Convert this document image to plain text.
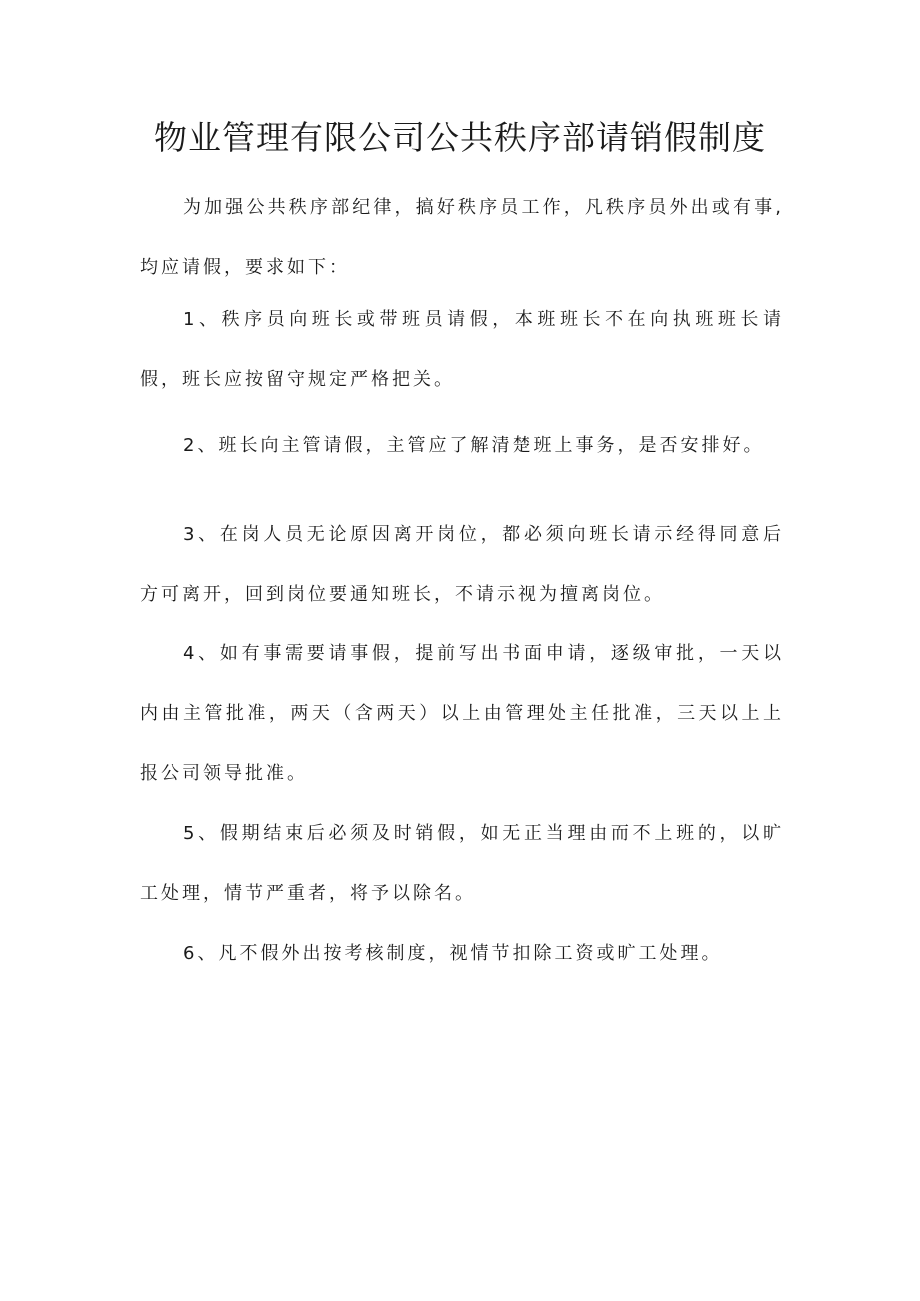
物业管理有限公司公共秩序部请销假制度

为加强公共秩序部纪律，搞好秩序员工作，凡秩序员外出或有事,均应请假，要求如下：

1、秩序员向班长或带班员请假，本班班长不在向执班班长请假，班长应按留守规定严格把关。

2、班长向主管请假，主管应了解清楚班上事务，是否安排好。

3、在岗人员无论原因离开岗位，都必须向班长请示经得同意后方可离开，回到岗位要通知班长，不请示视为擅离岗位。

4、如有事需要请事假，提前写出书面申请，逐级审批，一天以内由主管批准，两天（含两天）以上由管理处主任批准，三天以上上报公司领导批准。

5、假期结束后必须及时销假，如无正当理由而不上班的，以旷工处理，情节严重者，将予以除名。

6、凡不假外出按考核制度，视情节扣除工资或旷工处理。
